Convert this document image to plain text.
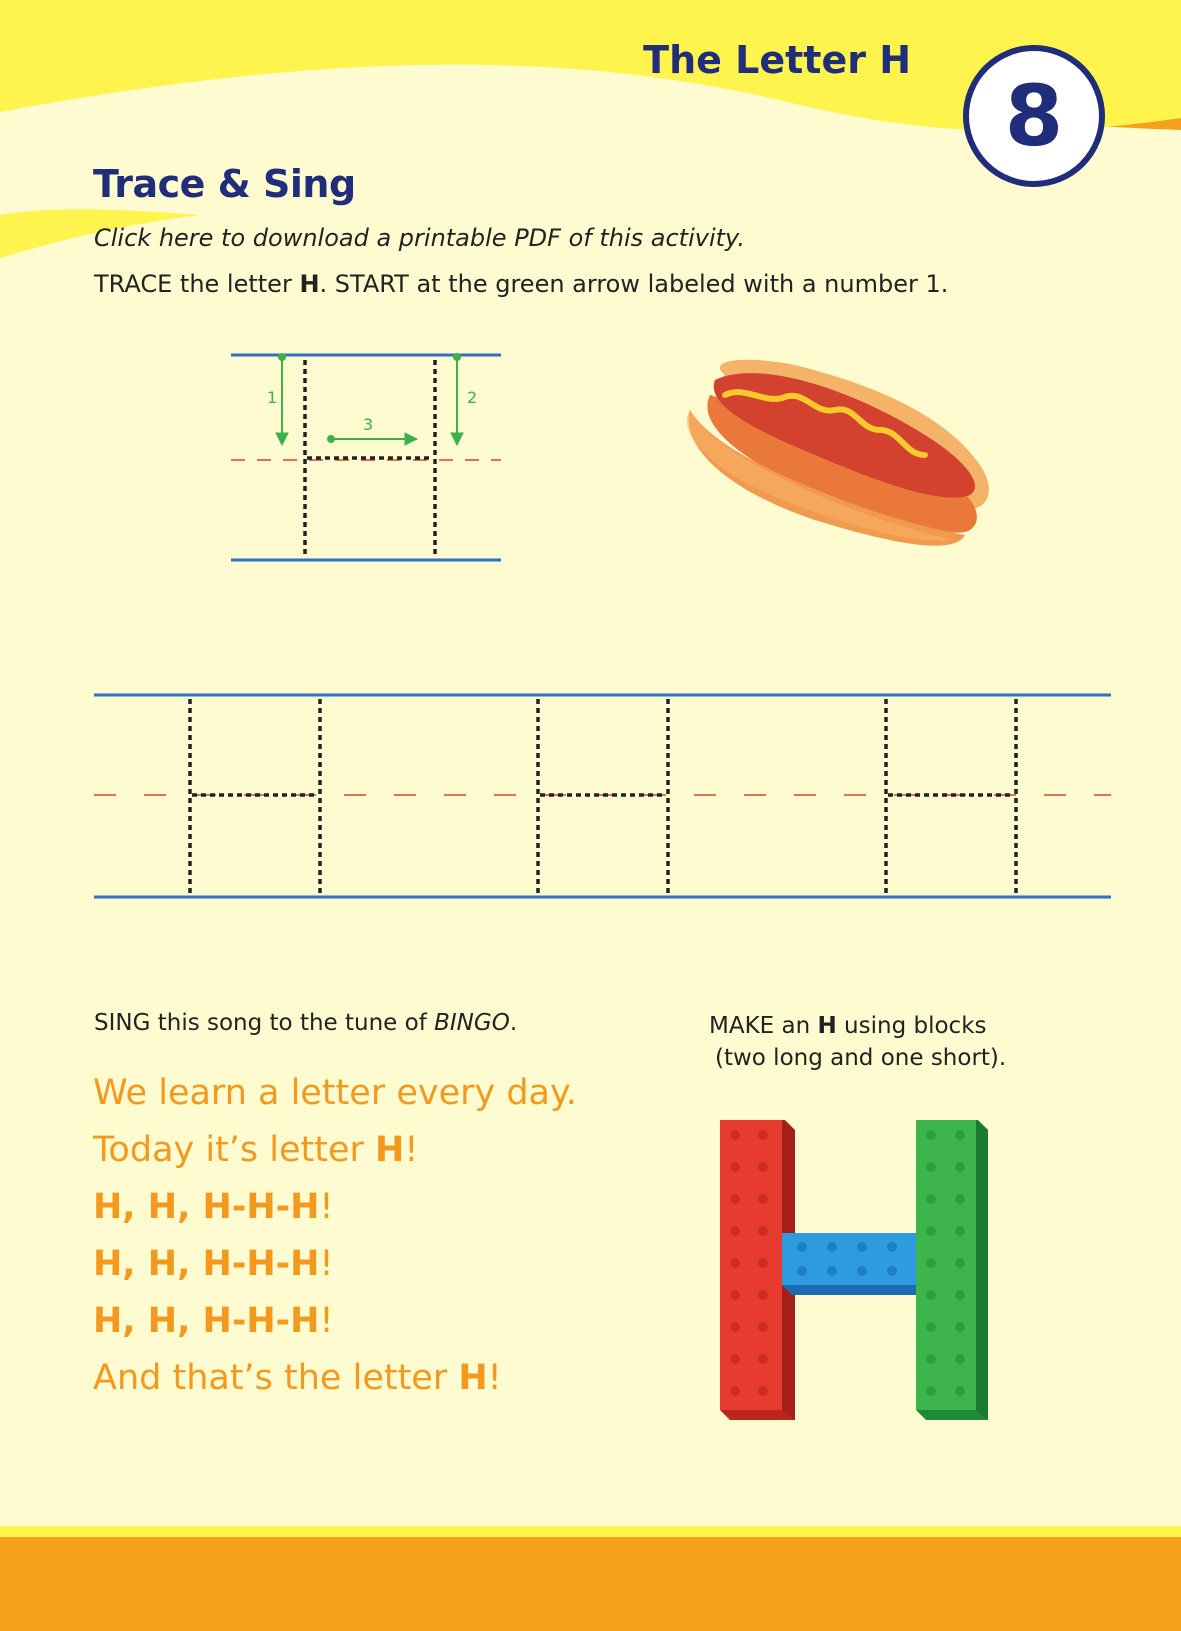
The Letter H
8
Trace & Sing
Click here to download a printable PDF of this activity.
TRACE the letter H. START at the green arrow labeled with a number 1.
1	2
3
SING this song to the tune of BINGO.	MAKE an H using blocks
(two long and one short).
We learn a letter every day.
Today it’s letter H!
H, H, H-H-H!
H, H, H-H-H!
H, H, H-H-H!
And that’s the letter H!
